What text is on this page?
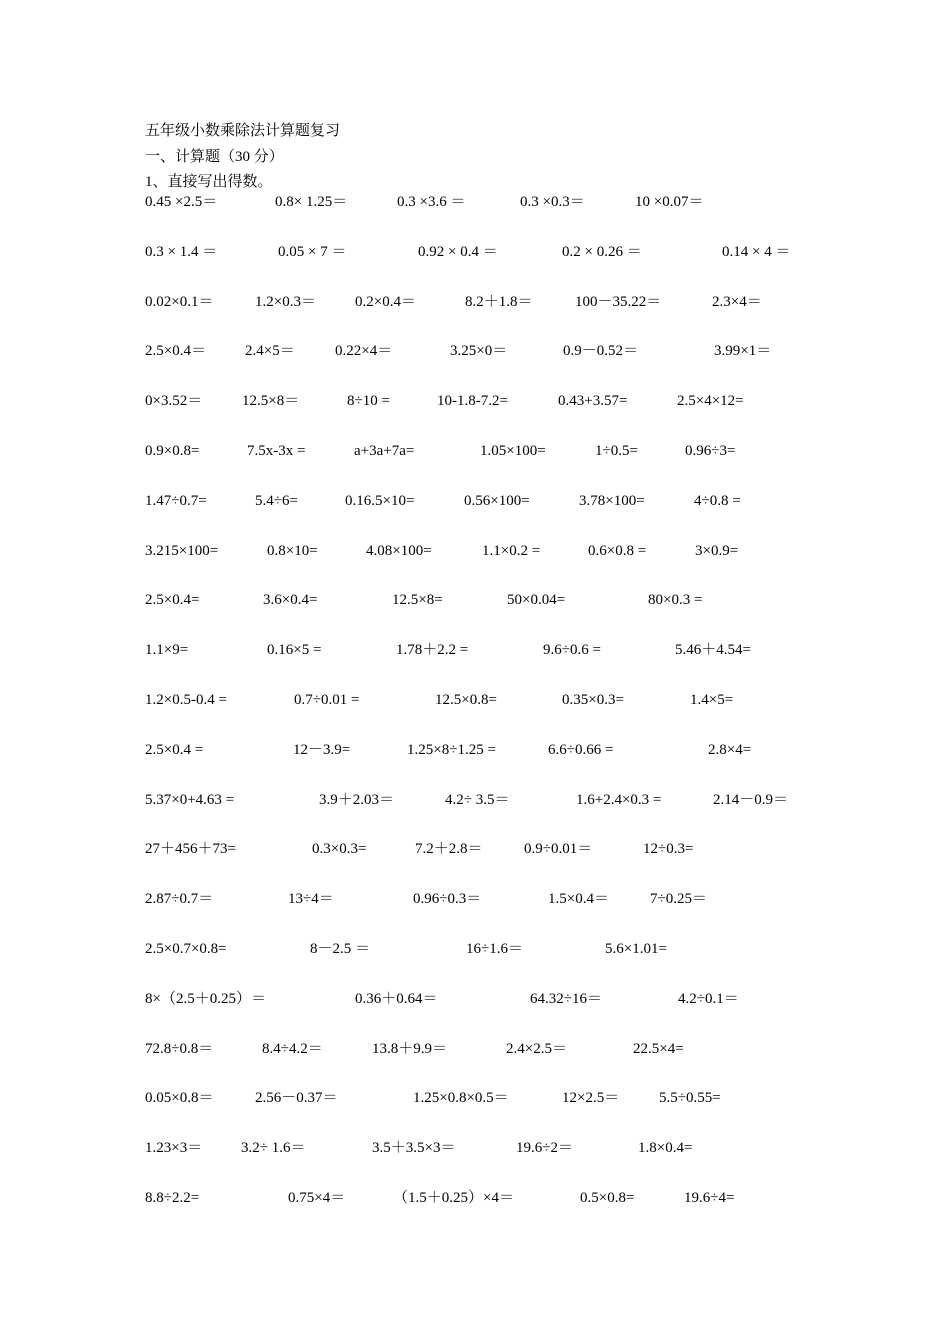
五年级小数乘除法计算题复习
一、计算题（30 分）
1、直接写出得数。
0.45 ×2.5＝	0.8× 1.25＝	0.3 ×3.6 ＝	0.3 ×0.3＝	10 ×0.07＝
0.3 × 1.4 ＝	0.05 × 7 ＝	0.92 × 0.4 ＝	0.2 × 0.26 ＝	0.14 × 4 ＝
0.02×0.1＝	1.2×0.3＝	0.2×0.4＝	8.2＋1.8＝	100－35.22＝	2.3×4＝
2.5×0.4＝	2.4×5＝	0.22×4＝	3.25×0＝	0.9－0.52＝	3.99×1＝
0×3.52＝	12.5×8＝	8÷10 =	10-1.8-7.2=	0.43+3.57=	2.5×4×12=
0.9×0.8=	7.5x-3x =	a+3a+7a=	1.05×100=	1÷0.5=	0.96÷3=
1.47÷0.7=	5.4÷6=	0.16.5×10=	0.56×100=	3.78×100=	4÷0.8 =
3.215×100=	0.8×10=	4.08×100=	1.1×0.2 =	0.6×0.8 =	3×0.9=
2.5×0.4=	3.6×0.4=	12.5×8=	50×0.04=	80×0.3 =
1.1×9=	0.16×5 =	1.78＋2.2 =	9.6÷0.6 =	5.46＋4.54=
1.2×0.5-0.4 =	0.7÷0.01 =	12.5×0.8=	0.35×0.3=	1.4×5=
2.5×0.4 =	12－3.9=	1.25×8÷1.25 =	6.6÷0.66 =	2.8×4=
5.37×0+4.63 =	3.9＋2.03＝	4.2÷ 3.5＝	1.6+2.4×0.3 =	2.14－0.9＝
27＋456＋73=	0.3×0.3=	7.2＋2.8＝	0.9÷0.01＝	12÷0.3=
2.87÷0.7＝	13÷4＝	0.96÷0.3＝	1.5×0.4＝	7÷0.25＝
2.5×0.7×0.8=	8－2.5 ＝	16÷1.6＝	5.6×1.01=
8×（2.5＋0.25）＝	0.36＋0.64＝	64.32÷16＝	4.2÷0.1＝
72.8÷0.8＝	8.4÷4.2＝	13.8＋9.9＝	2.4×2.5＝	22.5×4=
0.05×0.8＝	2.56－0.37＝	1.25×0.8×0.5＝	12×2.5＝	5.5÷0.55=
1.23×3＝	3.2÷ 1.6＝	3.5＋3.5×3＝	19.6÷2＝	1.8×0.4=
8.8÷2.2=	0.75×4＝	（1.5＋0.25）×4＝	0.5×0.8=	19.6÷4=
